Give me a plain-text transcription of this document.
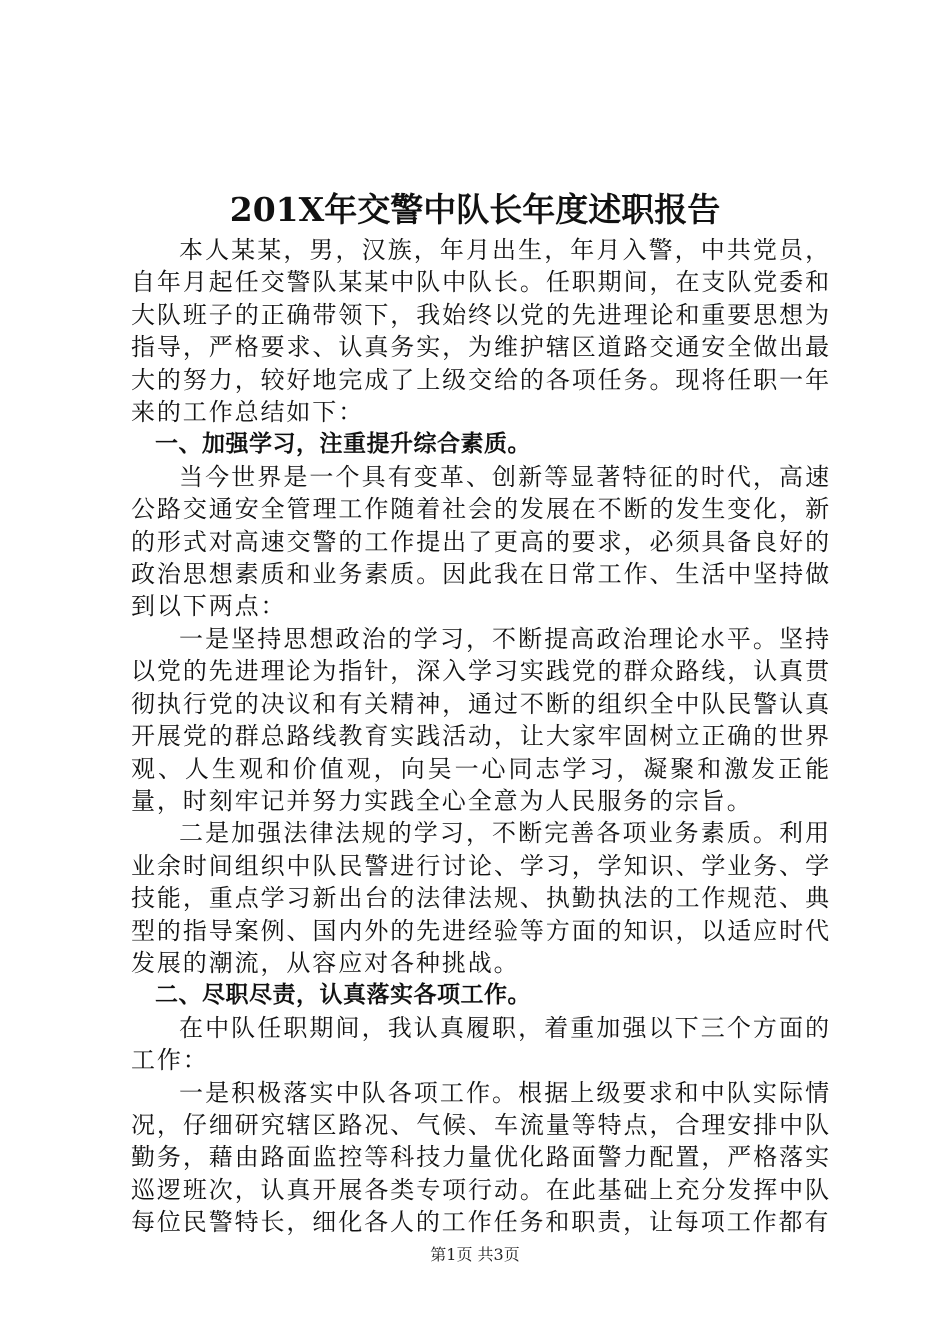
201X年交警中队长年度述职报告

本人某某，男，汉族，年月出生，年月入警，中共党员，自年月起任交警队某某中队中队长。任职期间，在支队党委和大队班子的正确带领下，我始终以党的先进理论和重要思想为指导，严格要求、认真务实，为维护辖区道路交通安全做出最大的努力，较好地完成了上级交给的各项任务。现将任职一年来的工作总结如下：

一、加强学习，注重提升综合素质。

当今世界是一个具有变革、创新等显著特征的时代，高速公路交通安全管理工作随着社会的发展在不断的发生变化，新的形式对高速交警的工作提出了更高的要求，必须具备良好的政治思想素质和业务素质。因此我在日常工作、生活中坚持做到以下两点：

一是坚持思想政治的学习，不断提高政治理论水平。坚持以党的先进理论为指针，深入学习实践党的群众路线，认真贯彻执行党的决议和有关精神，通过不断的组织全中队民警认真开展党的群总路线教育实践活动，让大家牢固树立正确的世界观、人生观和价值观，向吴一心同志学习，凝聚和激发正能量，时刻牢记并努力实践全心全意为人民服务的宗旨。

二是加强法律法规的学习，不断完善各项业务素质。利用业余时间组织中队民警进行讨论、学习，学知识、学业务、学技能，重点学习新出台的法律法规、执勤执法的工作规范、典型的指导案例、国内外的先进经验等方面的知识，以适应时代发展的潮流，从容应对各种挑战。

二、尽职尽责，认真落实各项工作。

在中队任职期间，我认真履职，着重加强以下三个方面的工作：

一是积极落实中队各项工作。根据上级要求和中队实际情况，仔细研究辖区路况、气候、车流量等特点，合理安排中队勤务，藉由路面监控等科技力量优化路面警力配置，严格落实巡逻班次，认真开展各类专项行动。在此基础上充分发挥中队每位民警特长，细化各人的工作任务和职责，让每项工作都有

第1页 共3页
